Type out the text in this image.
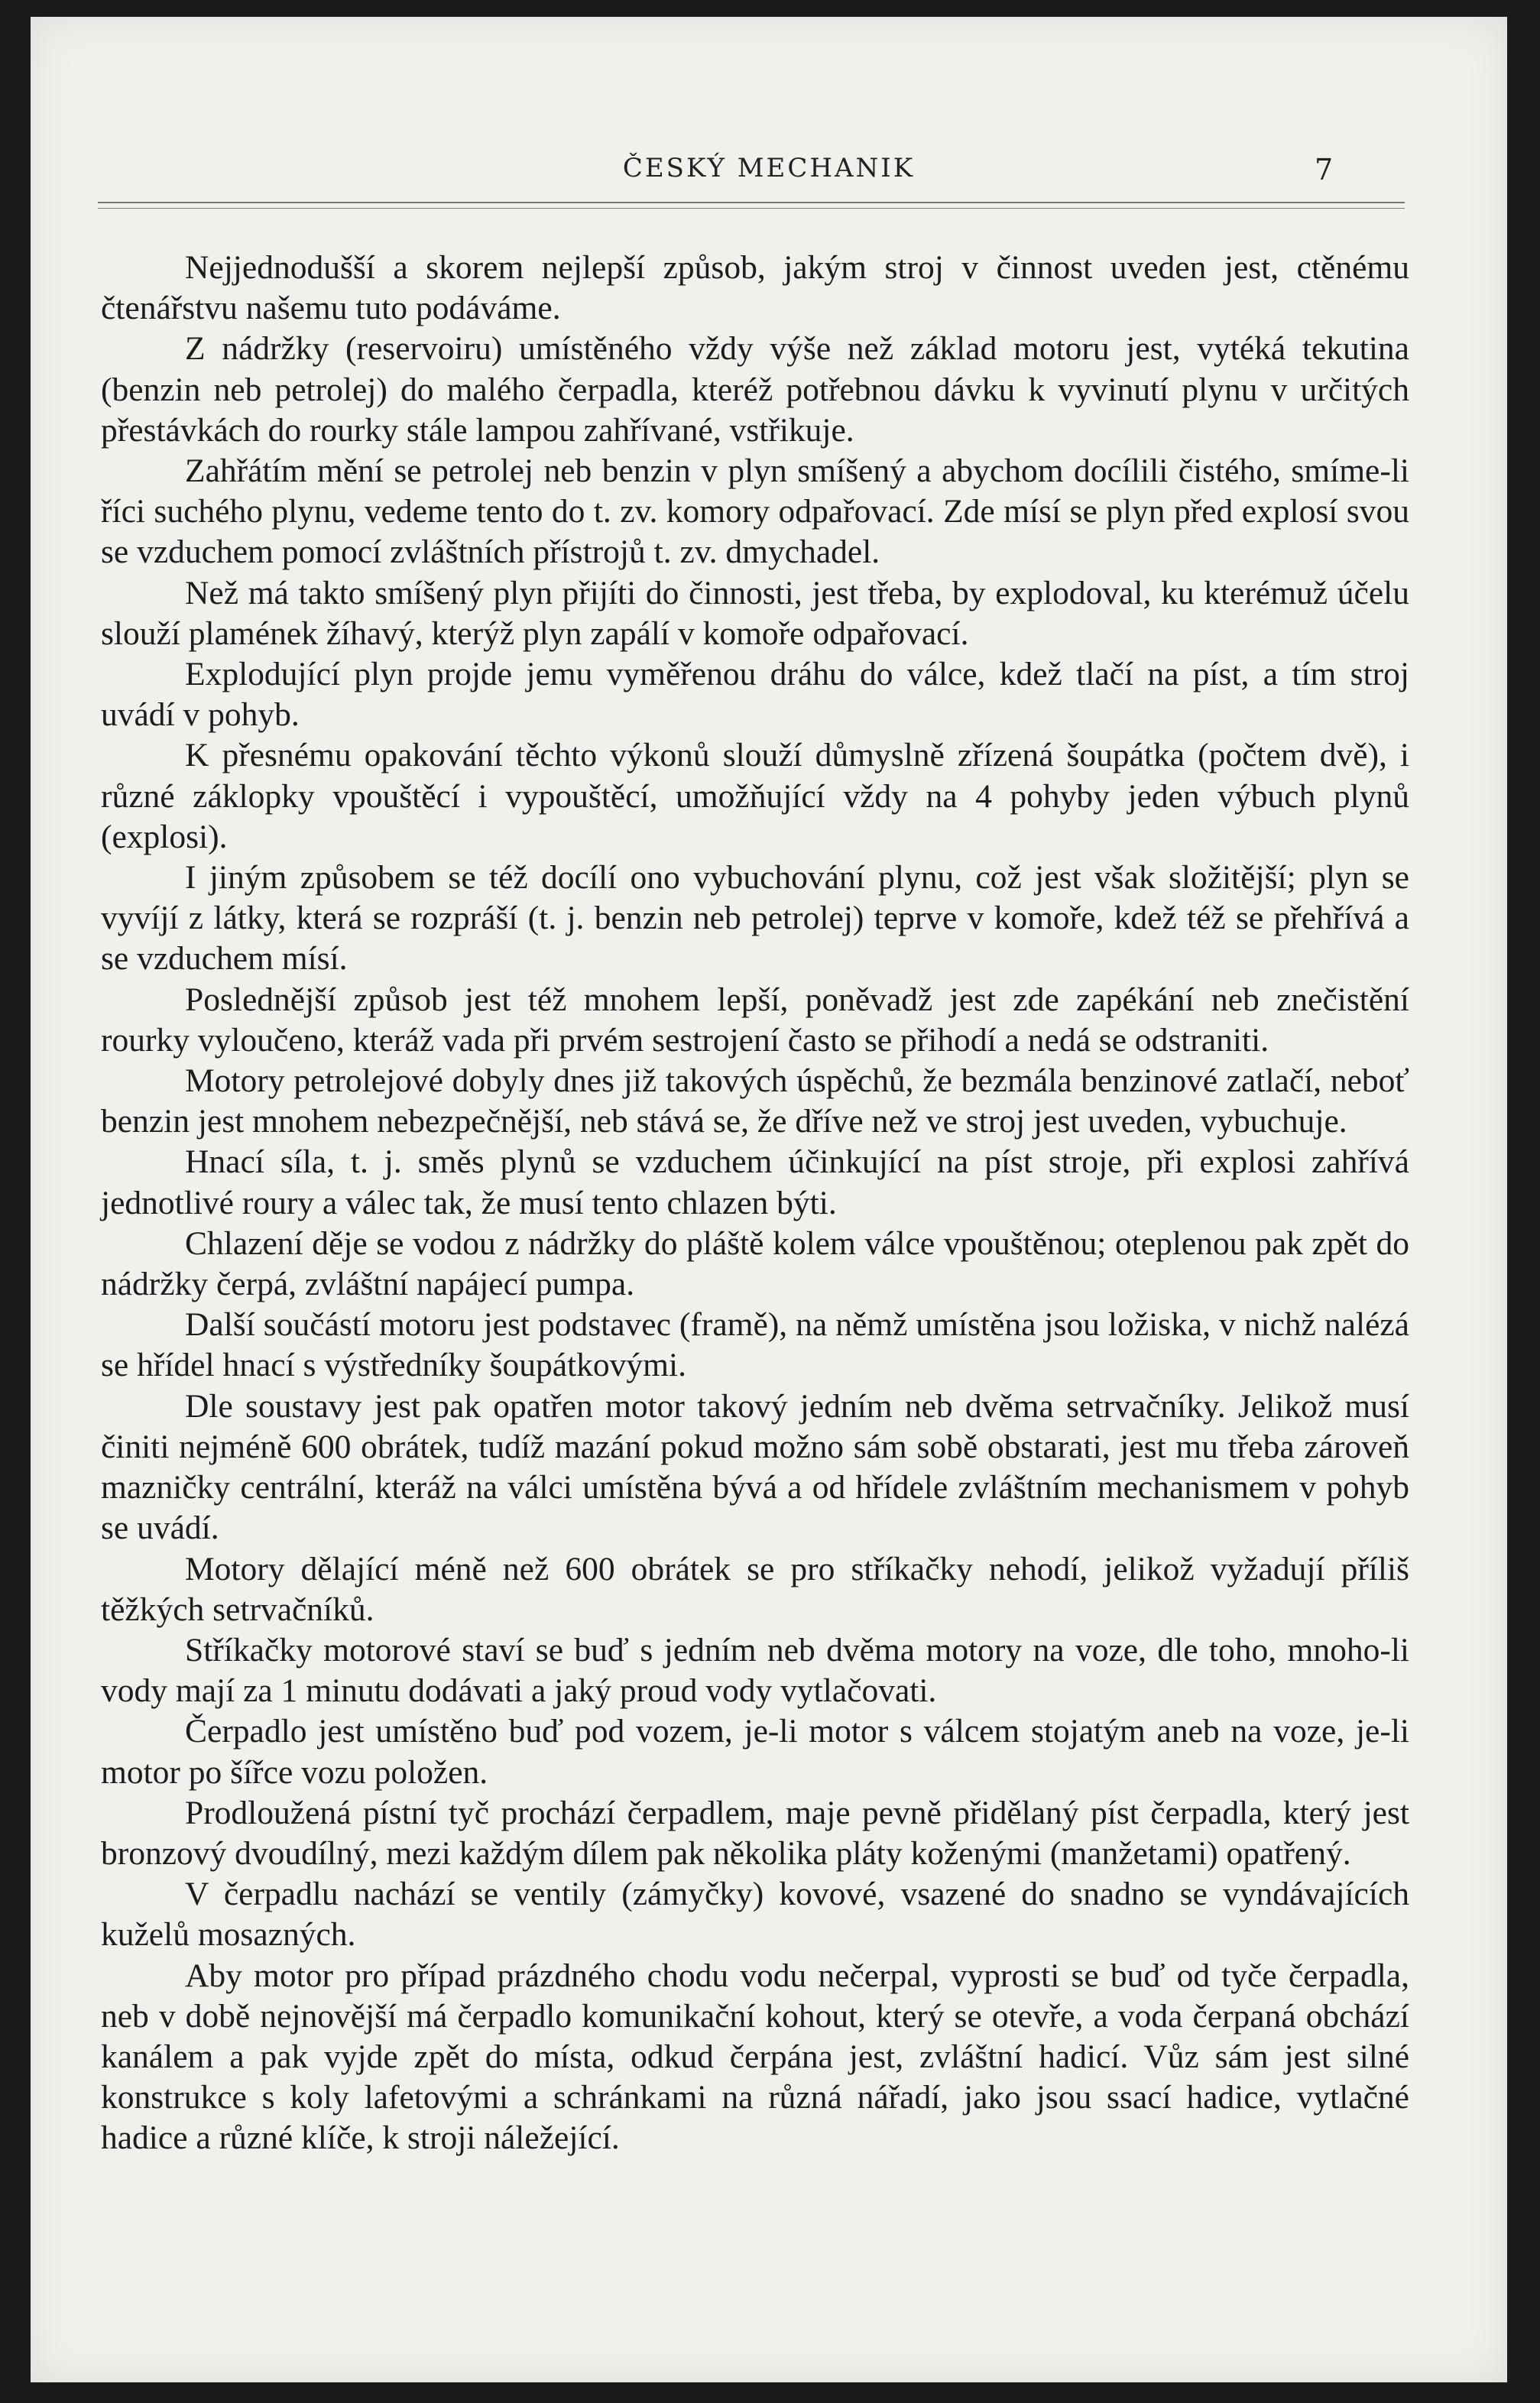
ČESKÝ MECHANIK	7

Nejjednodušší a skorem nejlepší způsob, jakým stroj v činnost uveden jest, ctěnému čtenářstvu našemu tuto podáváme.

Z nádržky (reservoiru) umístěného vždy výše než základ motoru jest, vytéká tekutina (benzin neb petrolej) do malého čerpadla, kteréž potřebnou dávku k vyvinutí plynu v určitých přestávkách do rourky stále lampou zahřívané, vstřikuje.

Zahřátím mění se petrolej neb benzin v plyn smíšený a abychom docílili čistého, smíme-li říci suchého plynu, vedeme tento do t. zv. komory odpařovací. Zde mísí se plyn před explosí svou se vzduchem pomocí zvláštních přístrojů t. zv. dmychadel.

Než má takto smíšený plyn přijíti do činnosti, jest třeba, by explodoval, ku kterémuž účelu slouží plamének žíhavý, kterýž plyn zapálí v komoře odpařovací.

Explodující plyn projde jemu vyměřenou dráhu do válce, kdež tlačí na píst, a tím stroj uvádí v pohyb.

K přesnému opakování těchto výkonů slouží důmyslně zřízená šoupátka (počtem dvě), i různé záklopky vpouštěcí i vypouštěcí, umožňující vždy na 4 pohyby jeden výbuch plynů (explosi).

I jiným způsobem se též docílí ono vybuchování plynu, což jest však složitější; plyn se vyvíjí z látky, která se rozpráší (t. j. benzin neb petrolej) teprve v komoře, kdež též se přehřívá a se vzduchem mísí.

Poslednější způsob jest též mnohem lepší, poněvadž jest zde zapékání neb znečistění rourky vyloučeno, kteráž vada při prvém sestrojení často se přihodí a nedá se odstraniti.

Motory petrolejové dobyly dnes již takových úspěchů, že bezmála benzinové zatlačí, neboť benzin jest mnohem nebezpečnější, neb stává se, že dříve než ve stroj jest uveden, vybuchuje.

Hnací síla, t. j. směs plynů se vzduchem účinkující na píst stroje, při explosi zahřívá jednotlivé roury a válec tak, že musí tento chlazen býti.

Chlazení děje se vodou z nádržky do pláště kolem válce vpouštěnou; oteplenou pak zpět do nádržky čerpá, zvláštní napájecí pumpa.

Další součástí motoru jest podstavec (framě), na němž umístěna jsou ložiska, v nichž nalézá se hřídel hnací s výstředníky šoupátkovými.

Dle soustavy jest pak opatřen motor takový jedním neb dvěma setrvačníky. Jelikož musí činiti nejméně 600 obrátek, tudíž mazání pokud možno sám sobě obstarati, jest mu třeba zároveň mazničky centrální, kteráž na válci umístěna bývá a od hřídele zvláštním mechanismem v pohyb se uvádí.

Motory dělající méně než 600 obrátek se pro stříkačky nehodí, jelikož vyžadují příliš těžkých setrvačníků.

Stříkačky motorové staví se buď s jedním neb dvěma motory na voze, dle toho, mnoho-li vody mají za 1 minutu dodávati a jaký proud vody vytlačovati.

Čerpadlo jest umístěno buď pod vozem, je-li motor s válcem stojatým aneb na voze, je-li motor po šířce vozu položen.

Prodloužená pístní tyč prochází čerpadlem, maje pevně přidělaný píst čerpadla, který jest bronzový dvoudílný, mezi každým dílem pak několika pláty koženými (manžetami) opatřený.

V čerpadlu nachází se ventily (zámyčky) kovové, vsazené do snadno se vyndávajících kuželů mosazných.

Aby motor pro případ prázdného chodu vodu nečerpal, vyprosti se buď od tyče čerpadla, neb v době nejnovější má čerpadlo komunikační kohout, který se otevře, a voda čerpaná obchází kanálem a pak vyjde zpět do místa, odkud čerpána jest, zvláštní hadicí. Vůz sám jest silné konstrukce s koly lafetovými a schránkami na různá nářadí, jako jsou ssací hadice, vytlačné hadice a různé klíče, k stroji náležející.
